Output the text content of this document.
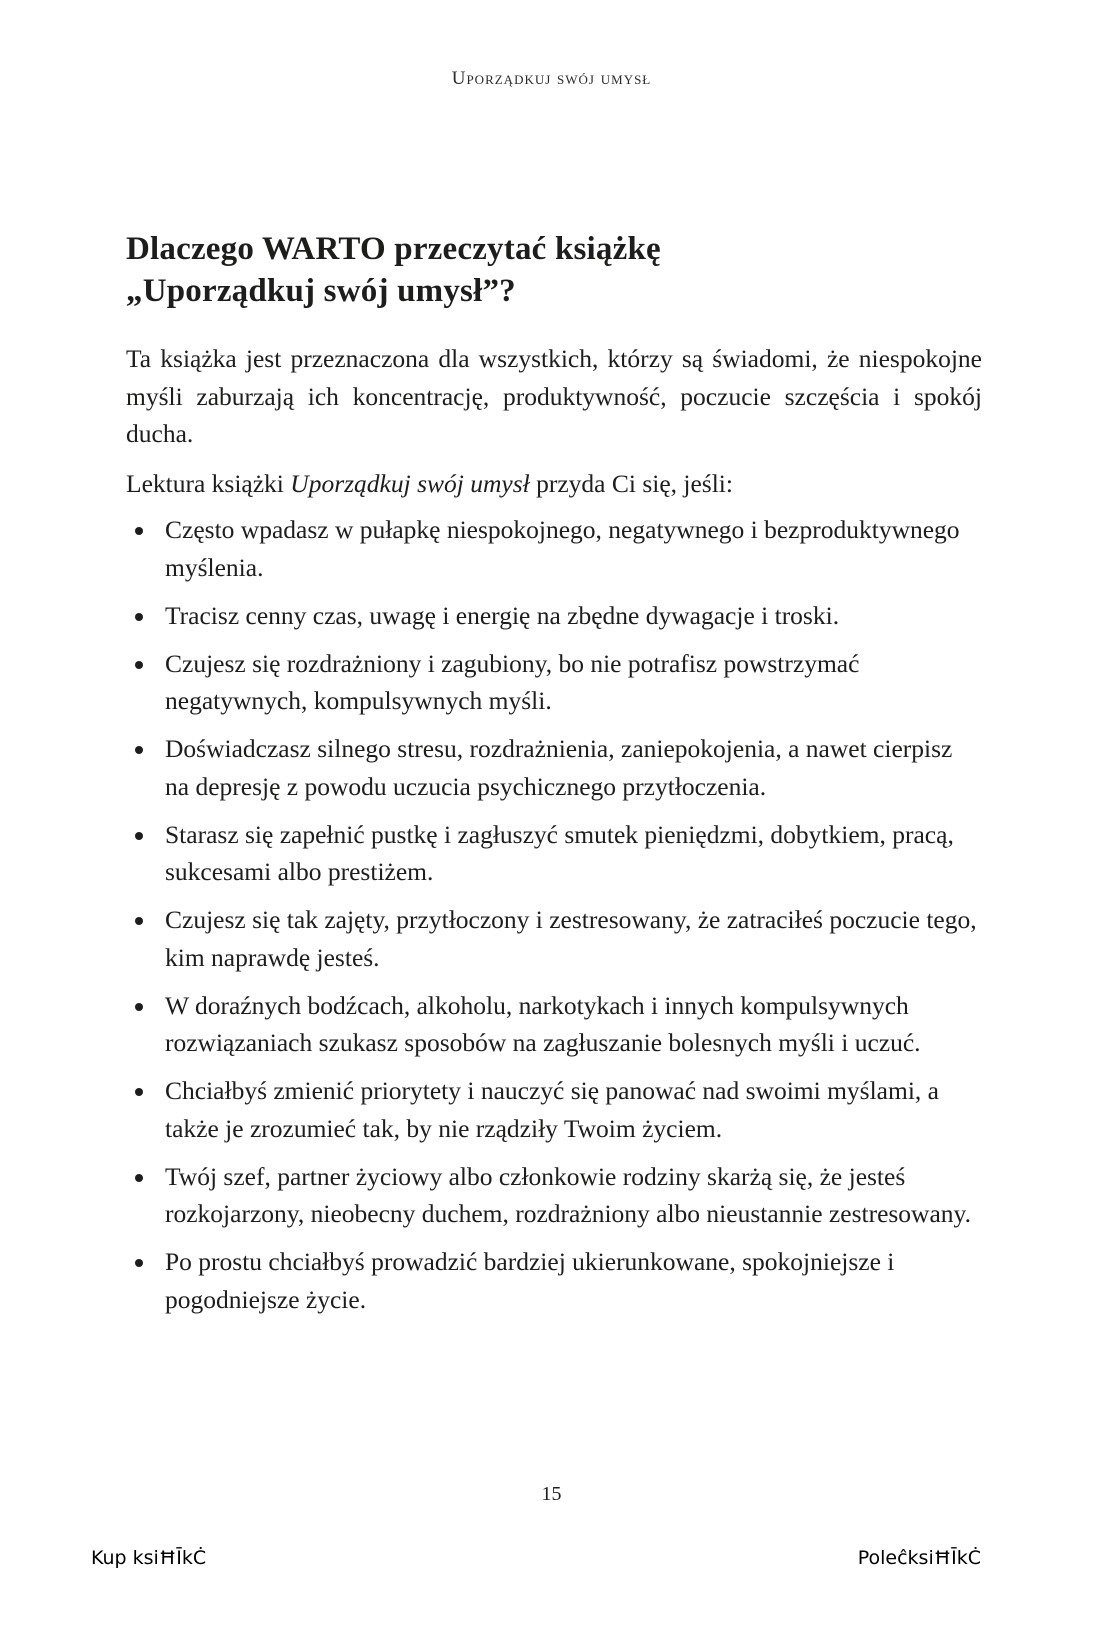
Uporządkuj swój umysł
Dlaczego WARTO przeczytać książkę
„Uporządkuj swój umysł”?

Ta książka jest przeznaczona dla wszystkich, którzy są świadomi, że niespokojne myśli zaburzają ich koncentrację, produktywność, poczucie szczęścia i spokój ducha.

Lektura książki Uporządkuj swój umysł przyda Ci się, jeśli:

Często wpadasz w pułapkę niespokojnego, negatywnego i bezproduktywnego myślenia.
Tracisz cenny czas, uwagę i energię na zbędne dywagacje i troski.
Czujesz się rozdrażniony i zagubiony, bo nie potrafisz powstrzymać negatywnych, kompulsywnych myśli.
Doświadczasz silnego stresu, rozdrażnienia, zaniepokojenia, a nawet cierpisz na depresję z powodu uczucia psychicznego przytłoczenia.
Starasz się zapełnić pustkę i zagłuszyć smutek pieniędzmi, dobytkiem, pracą, sukcesami albo prestiżem.
Czujesz się tak zajęty, przytłoczony i zestresowany, że zatraciłeś poczucie tego, kim naprawdę jesteś.
W doraźnych bodźcach, alkoholu, narkotykach i innych kompulsywnych rozwiązaniach szukasz sposobów na zagłuszanie bolesnych myśli i uczuć.
Chciałbyś zmienić priorytety i nauczyć się panować nad swoimi myślami, a także je zrozumieć tak, by nie rządziły Twoim życiem.
Twój szef, partner życiowy albo członkowie rodziny skarżą się, że jesteś rozkojarzony, nieobecny duchem, rozdrażniony albo nieustannie zestresowany.
Po prostu chciałbyś prowadzić bardziej ukierunkowane, spokojniejsze i pogodniejsze życie.
15
Kup ksiĦĪkĊ	PoleĉksiĦĪkĊ
